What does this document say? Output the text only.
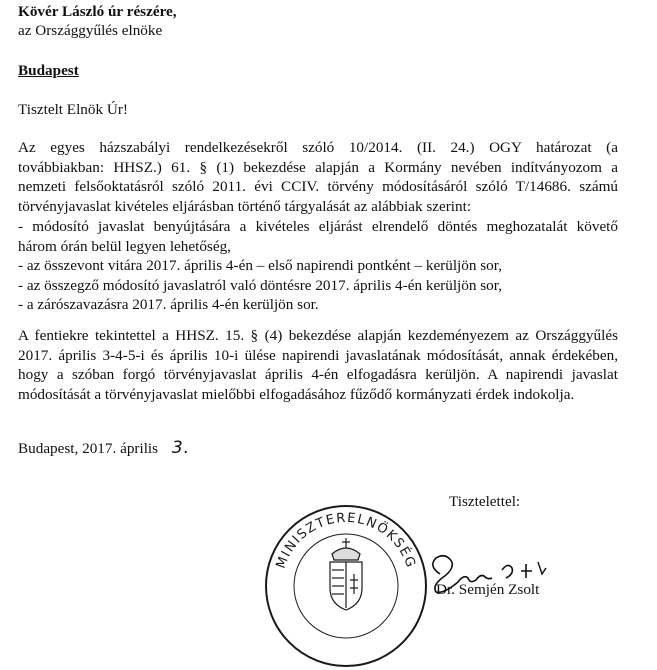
Kövér László úr részére,
az Országgyűlés elnöke
Budapest
Tisztelt Elnök Úr!
Az egyes házszabályi rendelkezésekről szóló 10/2014. (II. 24.) OGY határozat (a
továbbiakban: HHSZ.) 61. § (1) bekezdése alapján a Kormány nevében indítványozom a
nemzeti felsőoktatásról szóló 2011. évi CCIV. törvény módosításáról szóló T/14686. számú
törvényjavaslat kivételes eljárásban történő tárgyalását az alábbiak szerint:
- módosító javaslat benyújtására a kivételes eljárást elrendelő döntés meghozatalát követő
három órán belül legyen lehetőség,
- az összevont vitára 2017. április 4-én – első napirendi pontként – kerüljön sor,
- az összegző módosító javaslatról való döntésre 2017. április 4-én kerüljön sor,
- a zárószavazásra 2017. április 4-én kerüljön sor.
A fentiekre tekintettel a HHSZ. 15. § (4) bekezdése alapján kezdeményezem az Országgyűlés
2017. április 3-4-5-i és április 10-i ülése napirendi javaslatának módosítását, annak érdekében,
hogy a szóban forgó törvényjavaslat április 4-én elfogadásra kerüljön. A napirendi javaslat
módosítását a törvényjavaslat mielőbbi elfogadásához fűződő kormányzati érdek indokolja.
Budapest, 2017. április 3.
Tisztelettel:
MINISZTERELNÖKSÉG
Dr. Semjén Zsolt
